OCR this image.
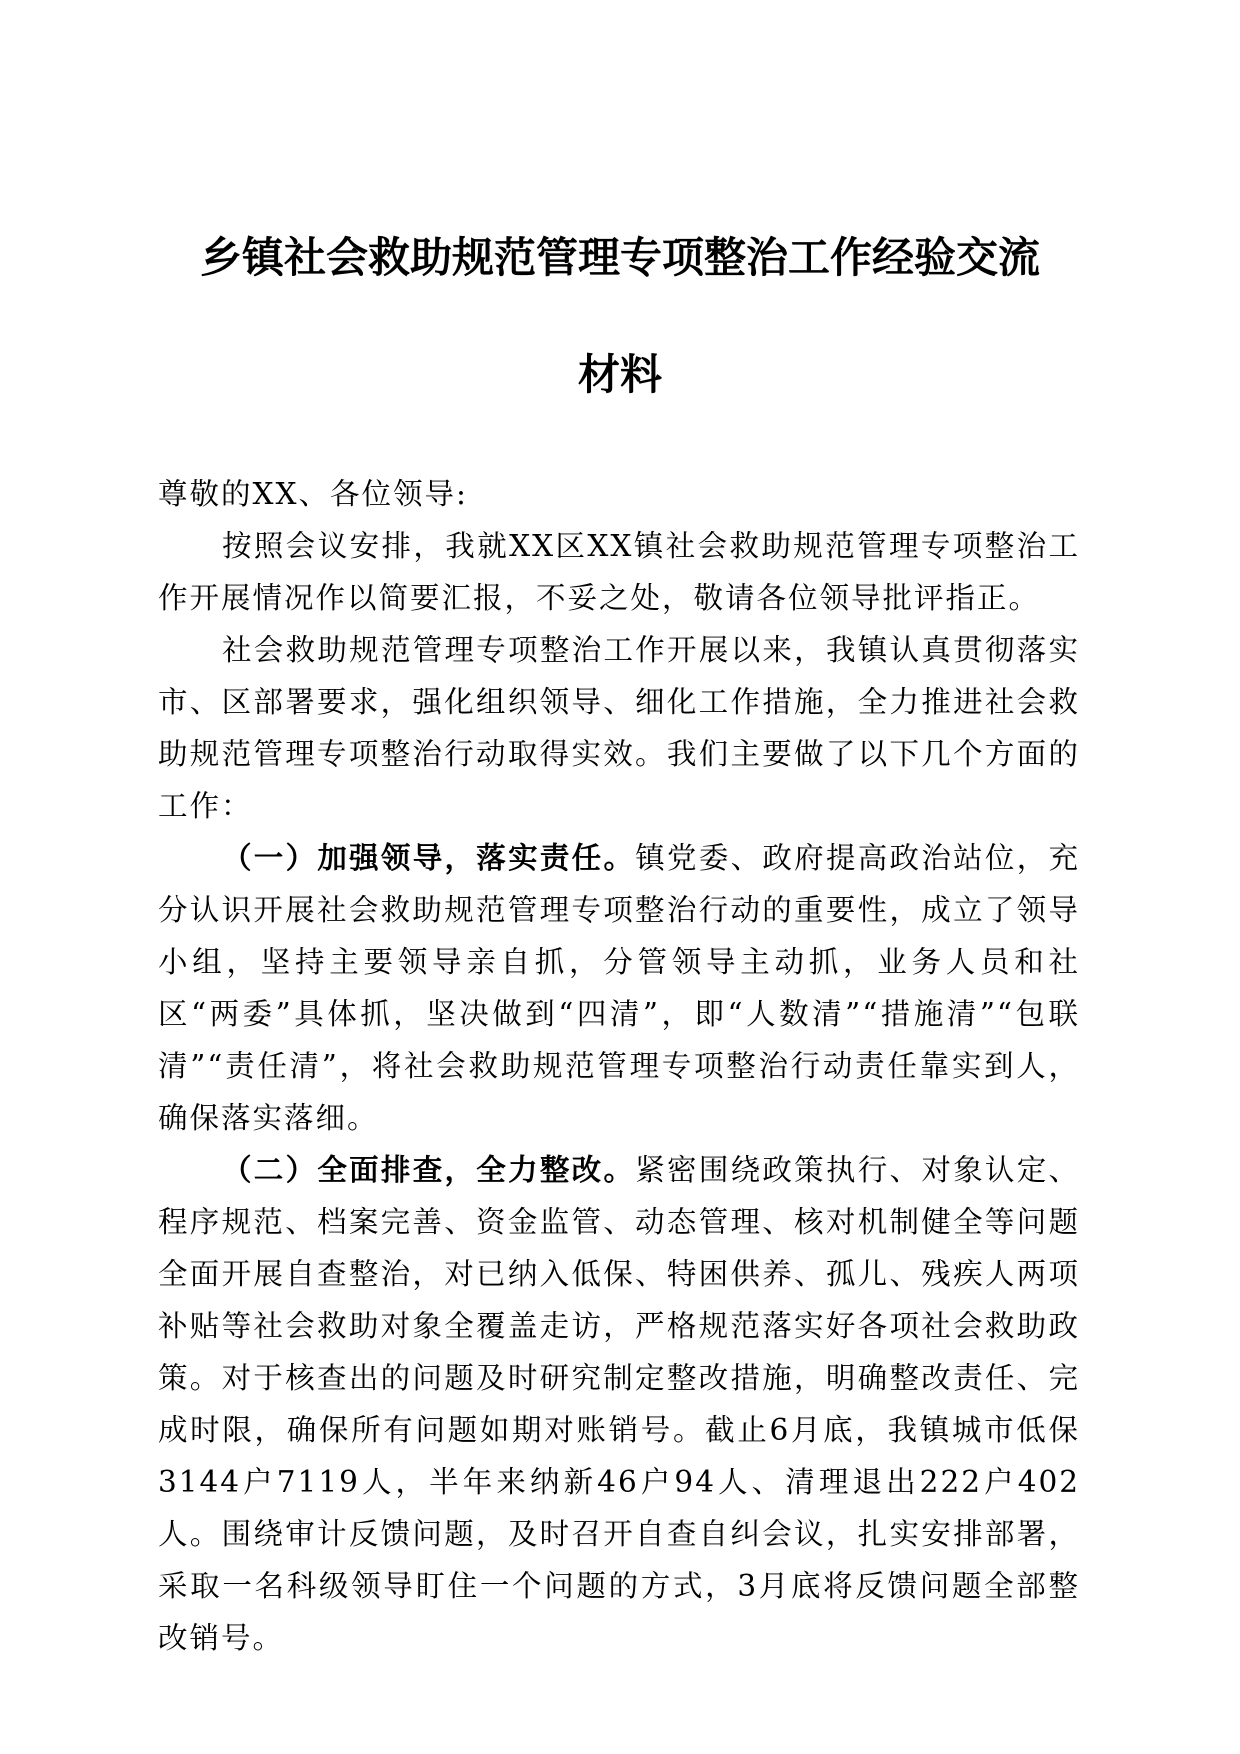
乡镇社会救助规范管理专项整治工作经验交流
材料

尊敬的XX、各位领导:

按照会议安排，我就XX区XX镇社会救助规范管理专项整治工作开展情况作以简要汇报，不妥之处，敬请各位领导批评指正。

社会救助规范管理专项整治工作开展以来，我镇认真贯彻落实市、区部署要求，强化组织领导、细化工作措施，全力推进社会救助规范管理专项整治行动取得实效。我们主要做了以下几个方面的工作：

（一）加强领导，落实责任。镇党委、政府提高政治站位，充分认识开展社会救助规范管理专项整治行动的重要性，成立了领导小组，坚持主要领导亲自抓，分管领导主动抓，业务人员和社区“两委”具体抓，坚决做到“四清”，即“人数清”“措施清”“包联清”“责任清”，将社会救助规范管理专项整治行动责任靠实到人，确保落实落细。

（二）全面排查，全力整改。紧密围绕政策执行、对象认定、程序规范、档案完善、资金监管、动态管理、核对机制健全等问题全面开展自查整治，对已纳入低保、特困供养、孤儿、残疾人两项补贴等社会救助对象全覆盖走访，严格规范落实好各项社会救助政策。对于核查出的问题及时研究制定整改措施，明确整改责任、完成时限，确保所有问题如期对账销号。截止6月底，我镇城市低保3144户7119人，半年来纳新46户94人、清理退出222户402人。围绕审计反馈问题，及时召开自查自纠会议，扎实安排部署，采取一名科级领导盯住一个问题的方式，3月底将反馈问题全部整改销号。
